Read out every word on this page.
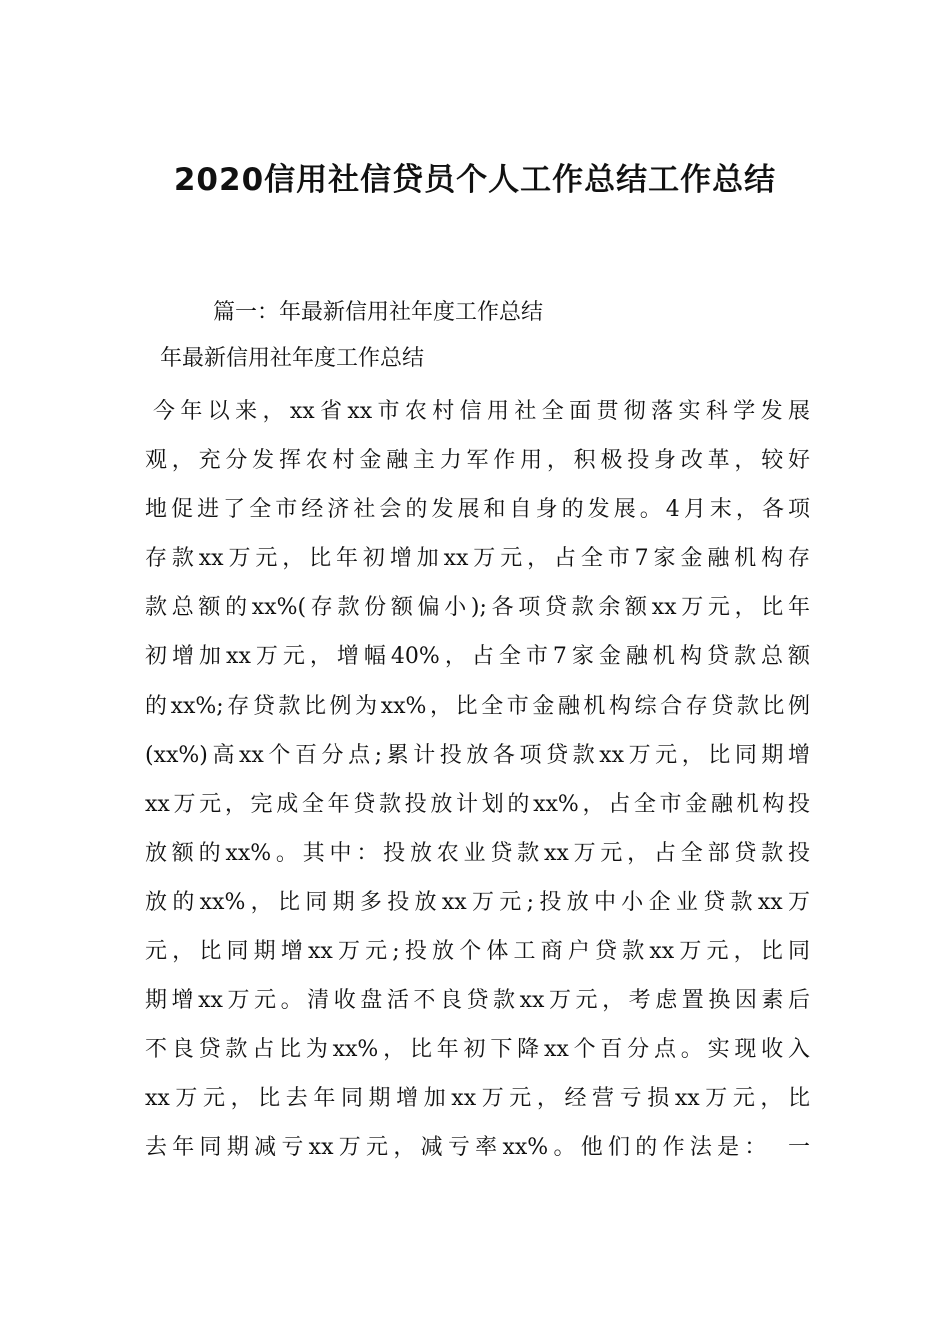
2020信用社信贷员个人工作总结工作总结

篇一：年最新信用社年度工作总结

年最新信用社年度工作总结

今年以来，xx省xx市农村信用社全面贯彻落实科学发展
观，充分发挥农村金融主力军作用，积极投身改革，较好
地促进了全市经济社会的发展和自身的发展。4月末，各项
存款xx万元，比年初增加xx万元，占全市7家金融机构存
款总额的xx%(存款份额偏小);各项贷款余额xx万元，比年
初增加xx万元，增幅40%，占全市7家金融机构贷款总额
的xx%;存贷款比例为xx%，比全市金融机构综合存贷款比例
(xx%)高xx个百分点;累计投放各项贷款xx万元，比同期增
xx万元，完成全年贷款投放计划的xx%，占全市金融机构投
放额的xx%。其中：投放农业贷款xx万元，占全部贷款投
放的xx%，比同期多投放xx万元;投放中小企业贷款xx万
元，比同期增xx万元;投放个体工商户贷款xx万元，比同
期增xx万元。清收盘活不良贷款xx万元，考虑置换因素后
不良贷款占比为xx%，比年初下降xx个百分点。实现收入
xx万元，比去年同期增加xx万元，经营亏损xx万元，比
去年同期减亏xx万元，减亏率xx%。他们的作法是：　一
